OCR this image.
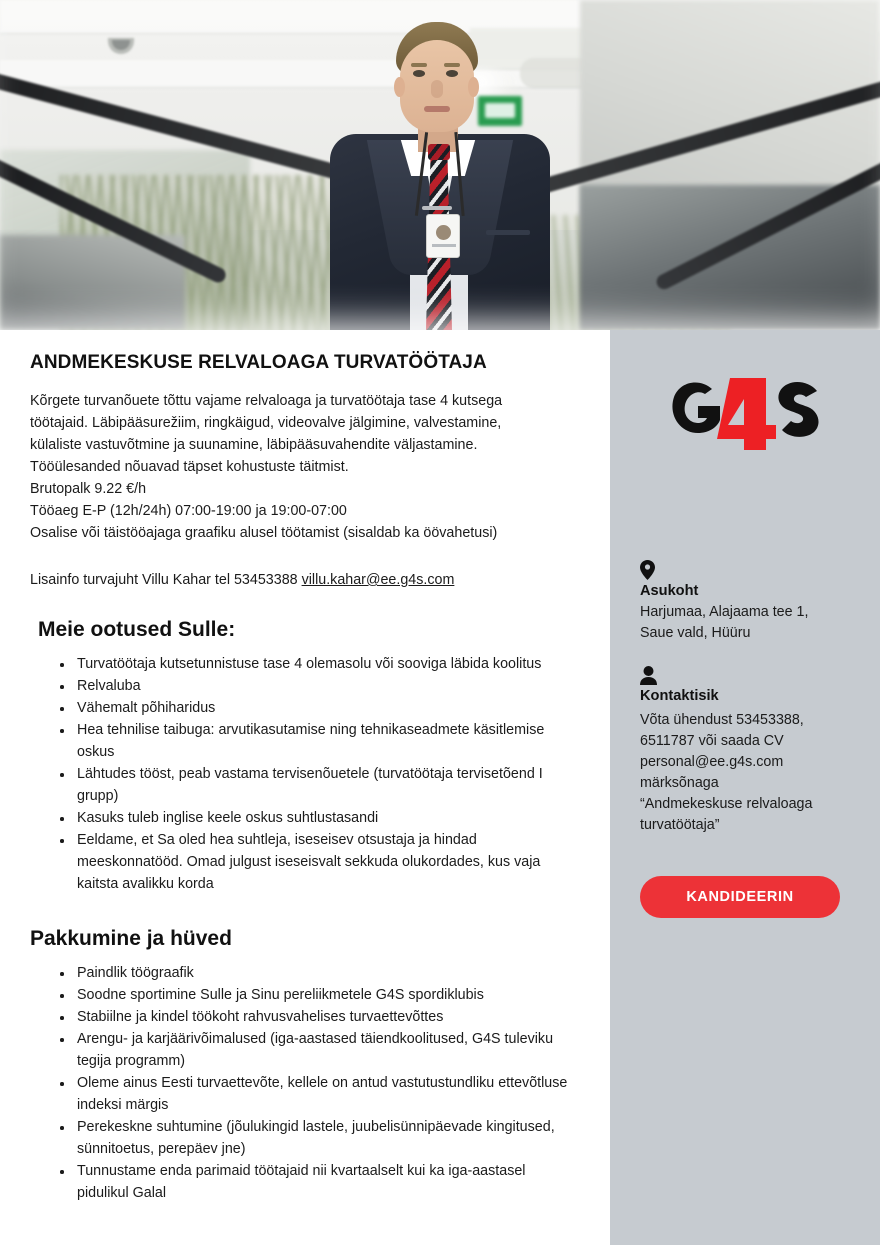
ANDMEKESKUSE RELVALOAGA TURVATÖÖTAJA

Kõrgete turvanõuete tõttu vajame relvaloaga ja turvatöötaja tase 4 kutsega
töötajaid. Läbipääsurežiim, ringkäigud, videovalve jälgimine, valvestamine,
külaliste vastuvõtmine ja suunamine, läbipääsuvahendite väljastamine.
Tööülesanded nõuavad täpset kohustuste täitmist.
Brutopalk 9.22 €/h
Tööaeg E-P (12h/24h) 07:00-19:00 ja 19:00-07:00
Osalise või täistööajaga graafiku alusel töötamist (sisaldab ka öövahetusi)

Lisainfo turvajuht Villu Kahar tel 53453388 villu.kahar@ee.g4s.com
Meie ootused Sulle:
Turvatöötaja kutsetunnistuse tase 4 olemasolu või sooviga läbida koolitus
Relvaluba
Vähemalt põhiharidus
Hea tehnilise taibuga: arvutikasutamise ning tehnikaseadmete käsitlemise oskus
Lähtudes tööst, peab vastama tervisenõuetele (turvatöötaja tervisetõend I grupp)
Kasuks tuleb inglise keele oskus suhtlustasandi
Eeldame, et Sa oled hea suhtleja, iseseisev otsustaja ja hindad meeskonnatööd. Omad julgust iseseisvalt sekkuda olukordades, kus vaja kaitsta avalikku korda
Pakkumine ja hüved
Paindlik töögraafik
Soodne sportimine Sulle ja Sinu pereliikmetele G4S spordiklubis
Stabiilne ja kindel töökoht rahvusvahelises turvaettevõttes
Arengu- ja karjäärivõimalused (iga-aastased täiendkoolitused, G4S tuleviku tegija programm)
Oleme ainus Eesti turvaettevõte, kellele on antud vastutustundliku ettevõtluse indeksi märgis
Perekeskne suhtumine (jõulukingid lastele, juubelisünnipäevade kingitused, sünnitoetus, perepäev jne)
Tunnustame enda parimaid töötajaid nii kvartaalselt kui ka iga-aastasel pidulikul Galal
Asukoht
Harjumaa, Alajaama tee 1,
Saue vald, Hüüru
Kontaktisik
Võta ühendust 53453388,
6511787 või saada CV
personal@ee.g4s.com
märksõnaga
“Andmekeskuse relvaloaga
turvatöötaja”
KANDIDEERIN
